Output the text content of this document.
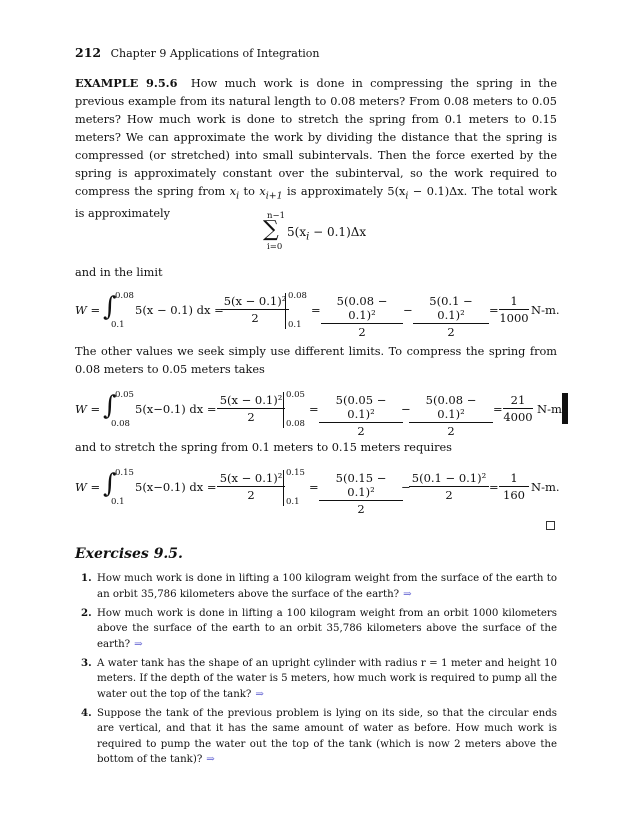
212 Chapter 9 Applications of Integration
EXAMPLE 9.5.6 How much work is done in compressing the spring in the previous example from its natural length to 0.08 meters? From 0.08 meters to 0.05 meters? How much work is done to stretch the spring from 0.1 meters to 0.15 meters? We can approximate the work by dividing the distance that the spring is compressed (or stretched) into small subintervals. Then the force exerted by the spring is approximately constant over the subinterval, so the work required to compress the spring from $x_i$ to $x_{i+1}$ is approximately $5(x_i - 0.1)\Delta x$. The total work is approximately	n−1
∑
i=0
$5(x_i - 0.1)\Delta x$
and in the limit
W = ∫
0.08
0.1
5(x − 0.1) dx =
5(x − 0.1)²
2
0.08
0.1
=
5(0.08 − 0.1)²
2
−
5(0.1 − 0.1)²
2
=
1
1000
N-m.
The other values we seek simply use different limits. To compress the spring from 0.08 meters to 0.05 meters takes
W = ∫
0.05
0.08
5(x−0.1) dx =
5(x − 0.1)²
2
0.05
0.08
=
5(0.05 − 0.1)²
2
−
5(0.08 − 0.1)²
2
=
21
4000
N-m
and to stretch the spring from 0.1 meters to 0.15 meters requires
W = ∫
0.15
0.1
5(x−0.1) dx =
5(x − 0.1)²
2
0.15
0.1
=
5(0.15 − 0.1)²
2
−
5(0.1 − 0.1)²
2
=
1
160
N-m.
Exercises 9.5.
1. How much work is done in lifting a 100 kilogram weight from the surface of the earth to an orbit 35,786 kilometers above the surface of the earth? ⇒
2. How much work is done in lifting a 100 kilogram weight from an orbit 1000 kilometers above the surface of the earth to an orbit 35,786 kilometers above the surface of the earth? ⇒
3. A water tank has the shape of an upright cylinder with radius r = 1 meter and height 10 meters. If the depth of the water is 5 meters, how much work is required to pump all the water out the top of the tank? ⇒
4. Suppose the tank of the previous problem is lying on its side, so that the circular ends are vertical, and that it has the same amount of water as before. How much work is required to pump the water out the top of the tank (which is now 2 meters above the bottom of the tank)? ⇒
